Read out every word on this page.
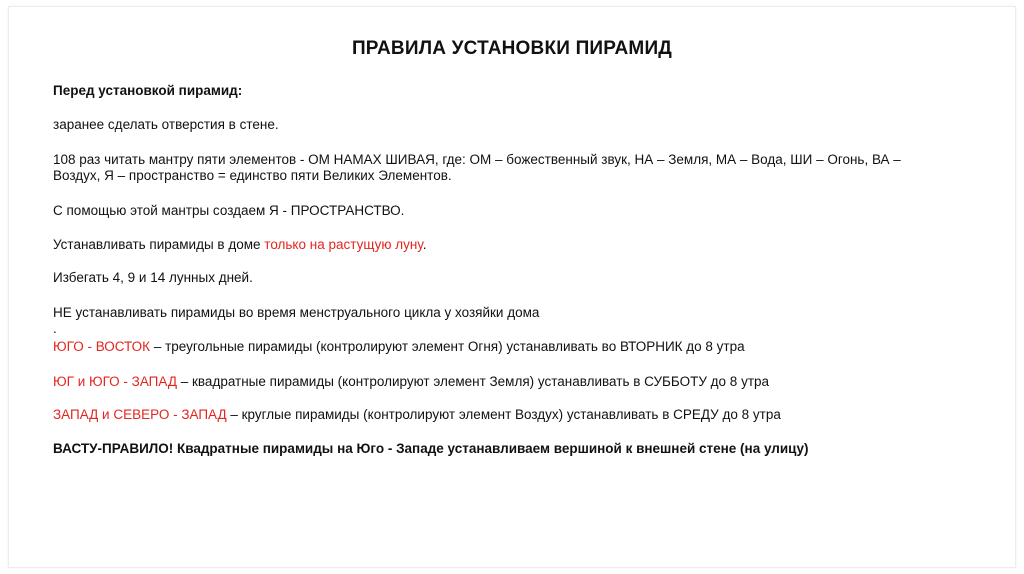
ПРАВИЛА УСТАНОВКИ ПИРАМИД

Перед установкой пирамид:

заранее сделать отверстия в стене.

108 раз читать мантру пяти элементов - ОМ НАМАХ ШИВАЯ, где: ОМ – божественный звук, НА – Земля, МА – Вода, ШИ – Огонь, ВА –

Воздух, Я – пространство = единство пяти Великих Элементов.

С помощью этой мантры создаем Я - ПРОСТРАНСТВО.

Устанавливать пирамиды в доме только на растущую луну.

Избегать 4, 9 и 14 лунных дней.

НЕ устанавливать пирамиды во время менструального цикла у хозяйки дома

.

ЮГО - ВОСТОК – треугольные пирамиды (контролируют элемент Огня) устанавливать во ВТОРНИК до 8 утра

ЮГ и ЮГО - ЗАПАД – квадратные пирамиды (контролируют элемент Земля) устанавливать в СУББОТУ до 8 утра

ЗАПАД и СЕВЕРО - ЗАПАД – круглые пирамиды (контролируют элемент Воздух) устанавливать в СРЕДУ до 8 утра

ВАСТУ-ПРАВИЛО! Квадратные пирамиды на Юго - Западе устанавливаем вершиной к внешней стене (на улицу)
